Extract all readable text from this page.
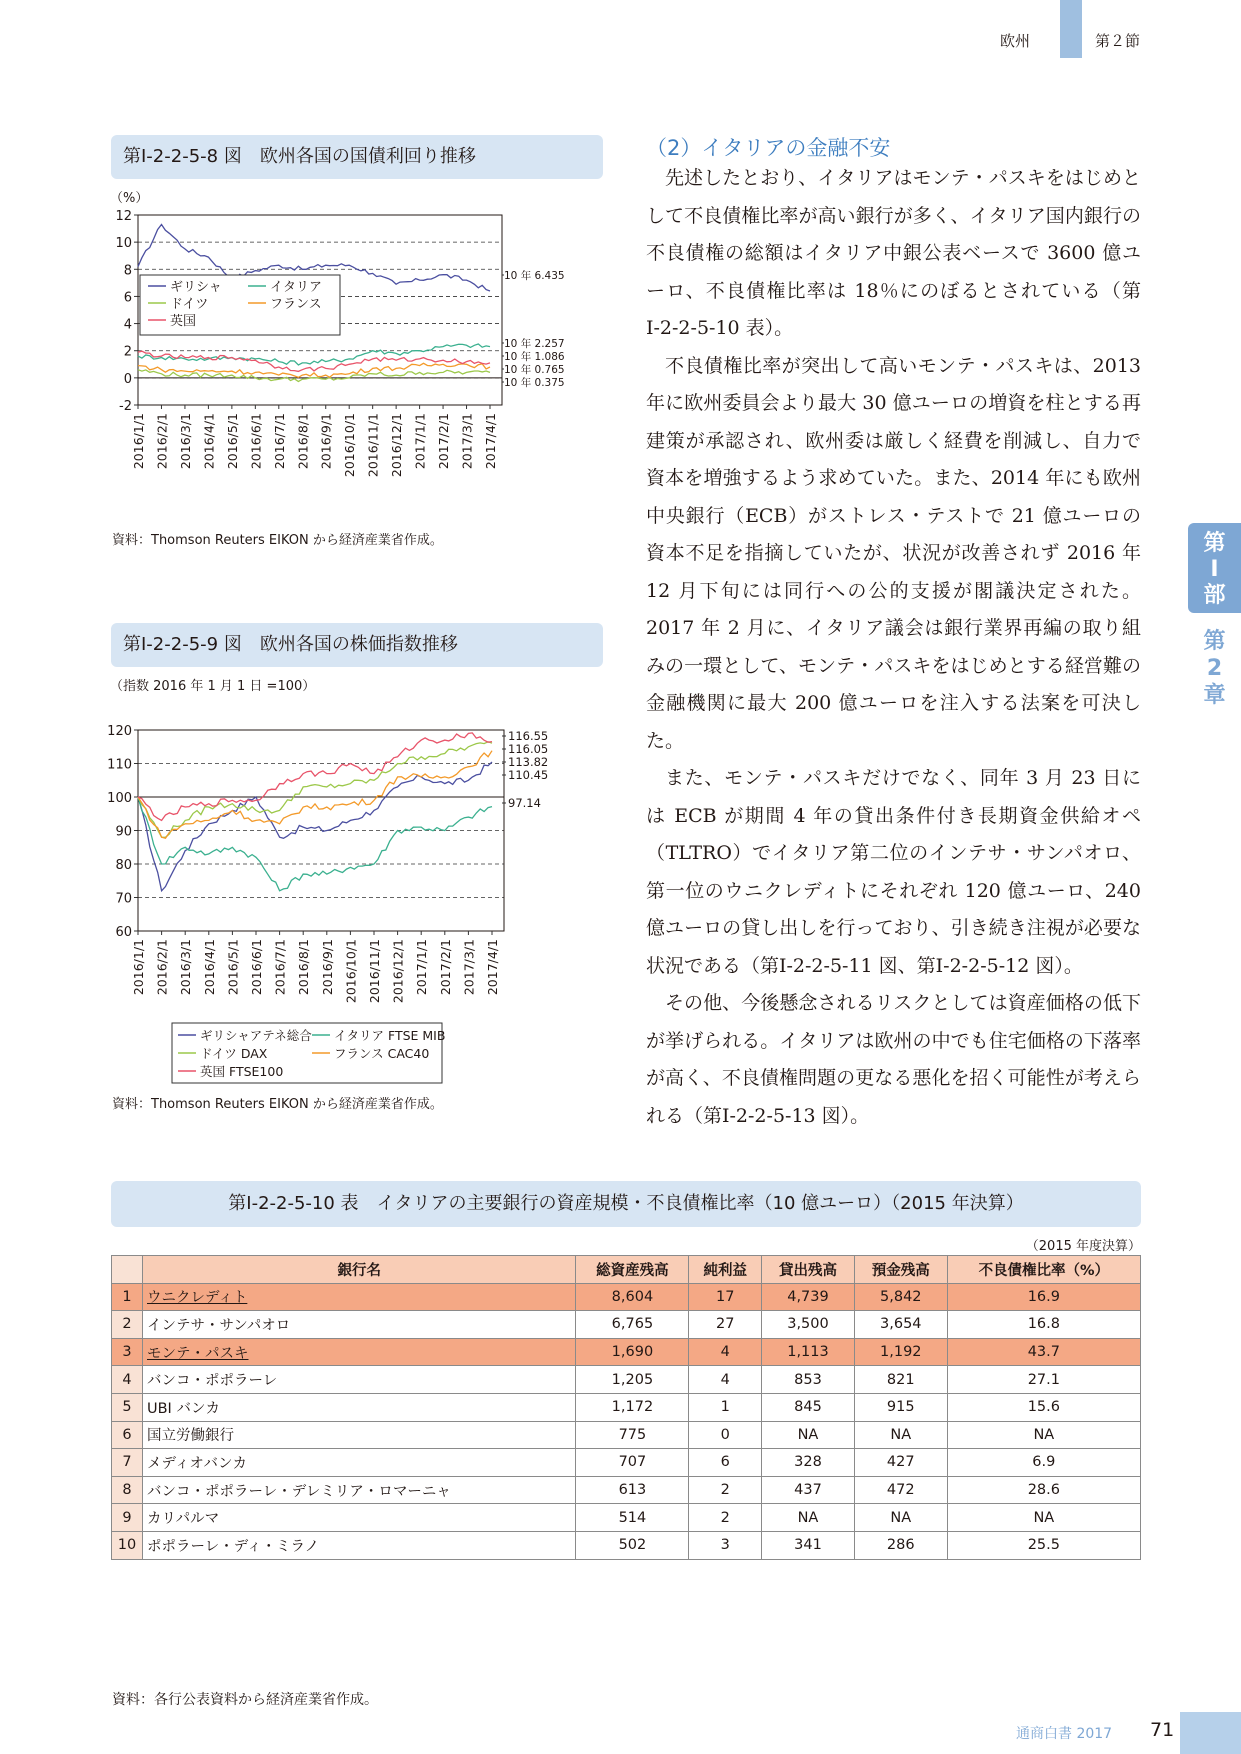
欧州	第２節
第
Ⅰ
部
第
2
章
第Ⅰ-2-2-5-8 図　欧州各国の国債利回り推移
（%）
12
10
8
6
4
2
0
-2
2016/1/1 2016/2/1 2016/3/1 2016/4/1 2016/5/1 2016/6/1 2016/7/1 2016/8/1 2016/9/1 2016/10/1 2016/11/1 2016/12/1 2017/1/1 2017/2/1 2017/3/1 2017/4/1
10 年 6.435
10 年 2.257
10 年 1.086
10 年 0.765
10 年 0.375
ギリシャ	イタリア
ドイツ	フランス
英国
資料：Thomson Reuters EIKON から経済産業省作成。
第Ⅰ-2-2-5-9 図　欧州各国の株価指数推移
（指数 2016 年 1 月 1 日 =100）
120
110
100
90
80
70
60
2016/1/1 2016/2/1 2016/3/1 2016/4/1 2016/5/1 2016/6/1 2016/7/1 2016/8/1 2016/9/1 2016/10/1 2016/11/1 2016/12/1 2017/1/1 2017/2/1 2017/3/1 2017/4/1
116.55
116.05
113.82
110.45
97.14
ギリシャアテネ総合 イタリア FTSE MIB
ドイツ DAX	フランス CAC40
英国 FTSE100
資料：Thomson Reuters EIKON から経済産業省作成。
（2）イタリアの金融不安

先述したとおり、イタリアはモンテ・パスキをはじめとして不良債権比率が高い銀行が多く、イタリア国内銀行の不良債権の総額はイタリア中銀公表ベースで 3600 億ユーロ、不良債権比率は 18％にのぼるとされている（第Ⅰ-2-2-5-10 表）。

不良債権比率が突出して高いモンテ・パスキは、2013 年に欧州委員会より最大 30 億ユーロの増資を柱とする再建策が承認され、欧州委は厳しく経費を削減し、自力で資本を増強するよう求めていた。また、2014 年にも欧州中央銀行（ECB）がストレス・テストで 21 億ユーロの資本不足を指摘していたが、状況が改善されず 2016 年 12 月下旬には同行への公的支援が閣議決定された。2017 年 2 月に、イタリア議会は銀行業界再編の取り組みの一環として、モンテ・パスキをはじめとする経営難の金融機関に最大 200 億ユーロを注入する法案を可決した。

また、モンテ・パスキだけでなく、同年 3 月 23 日には ECB が期間 4 年の貸出条件付き長期資金供給オペ（TLTRO）でイタリア第二位のインテサ・サンパオロ、第一位のウニクレディトにそれぞれ 120 億ユーロ、240 億ユーロの貸し出しを行っており、引き続き注視が必要な状況である（第Ⅰ-2-2-5-11 図、第Ⅰ-2-2-5-12 図）。

その他、今後懸念されるリスクとしては資産価格の低下が挙げられる。イタリアは欧州の中でも住宅価格の下落率が高く、不良債権問題の更なる悪化を招く可能性が考えられる（第Ⅰ-2-2-5-13 図）。

第Ⅰ-2-2-5-10 表　イタリアの主要銀行の資産規模・不良債権比率（10 億ユーロ）（2015 年決算）
（2015 年度決算）
	銀行名	総資産残高	純利益	貸出残高	預金残高	不良債権比率（%）
1	ウニクレディト	8,604	17	4,739	5,842	16.9
2	インテサ・サンパオロ	6,765	27	3,500	3,654	16.8
3	モンテ・パスキ	1,690	4	1,113	1,192	43.7
4	バンコ・ポポラーレ	1,205	4	853	821	27.1
5	UBI バンカ	1,172	1	845	915	15.6
6	国立労働銀行	775	0	NA	NA	NA
7	メディオバンカ	707	6	328	427	6.9
8	バンコ・ポポラーレ・デレミリア・ロマーニャ	613	2	437	472	28.6
9	カリパルマ	514	2	NA	NA	NA
10	ポポラーレ・ディ・ミラノ	502	3	341	286	25.5
資料：各行公表資料から経済産業省作成。
通商白書 2017 71
